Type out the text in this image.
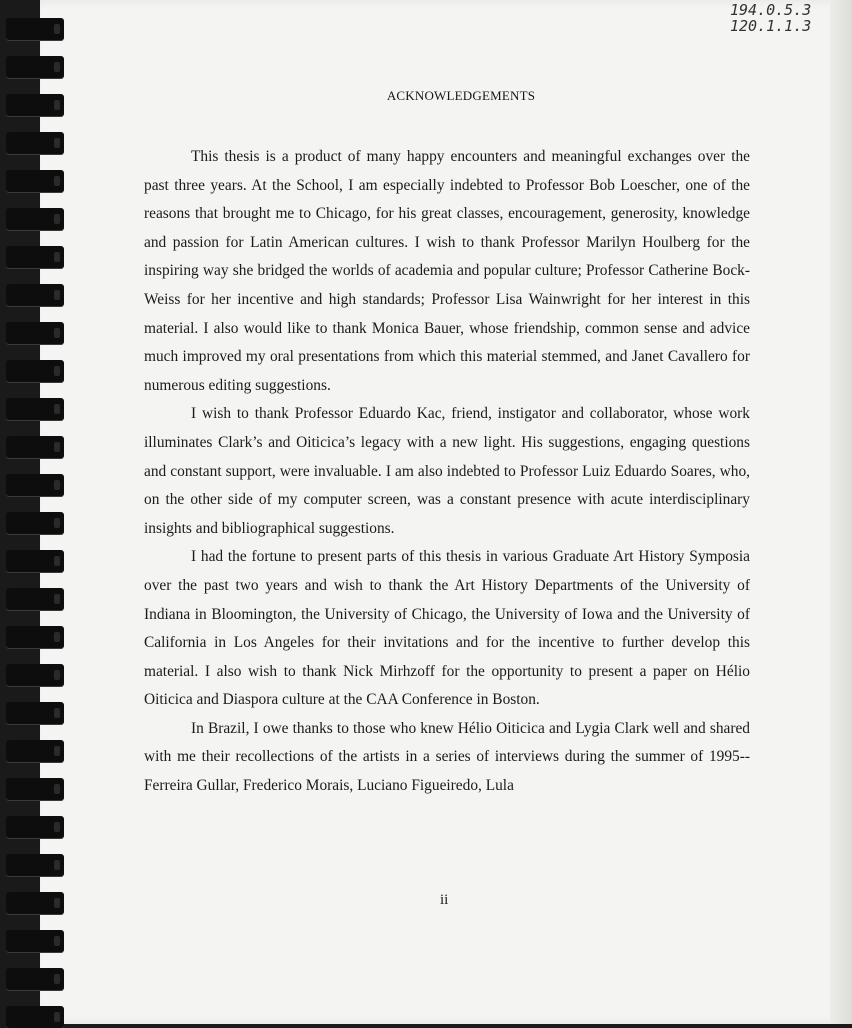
194.0.5.3
120.1.1.3
ACKNOWLEDGEMENTS

This thesis is a product of many happy encounters and meaningful exchanges over the past three years. At the School, I am especially indebted to Professor Bob Loescher, one of the reasons that brought me to Chicago, for his great classes, encouragement, generosity, knowledge and passion for Latin American cultures. I wish to thank Professor Marilyn Houlberg for the inspiring way she bridged the worlds of academia and popular culture; Professor Catherine Bock-Weiss for her incentive and high standards; Professor Lisa Wainwright for her interest in this material. I also would like to thank Monica Bauer, whose friendship, common sense and advice much improved my oral presentations from which this material stemmed, and Janet Cavallero for numerous editing suggestions.

I wish to thank Professor Eduardo Kac, friend, instigator and collaborator, whose work illuminates Clark’s and Oiticica’s legacy with a new light. His suggestions, engaging questions and constant support, were invaluable. I am also indebted to Professor Luiz Eduardo Soares, who, on the other side of my computer screen, was a constant presence with acute interdisciplinary insights and bibliographical suggestions.

I had the fortune to present parts of this thesis in various Graduate Art History Symposia over the past two years and wish to thank the Art History Departments of the University of Indiana in Bloomington, the University of Chicago, the University of Iowa and the University of California in Los Angeles for their invitations and for the incentive to further develop this material. I also wish to thank Nick Mirhzoff for the opportunity to present a paper on Hélio Oiticica and Diaspora culture at the CAA Conference in Boston.

In Brazil, I owe thanks to those who knew Hélio Oiticica and Lygia Clark well and shared with me their recollections of the artists in a series of interviews during the summer of 1995--Ferreira Gullar, Frederico Morais, Luciano Figueiredo, Lula

ii
